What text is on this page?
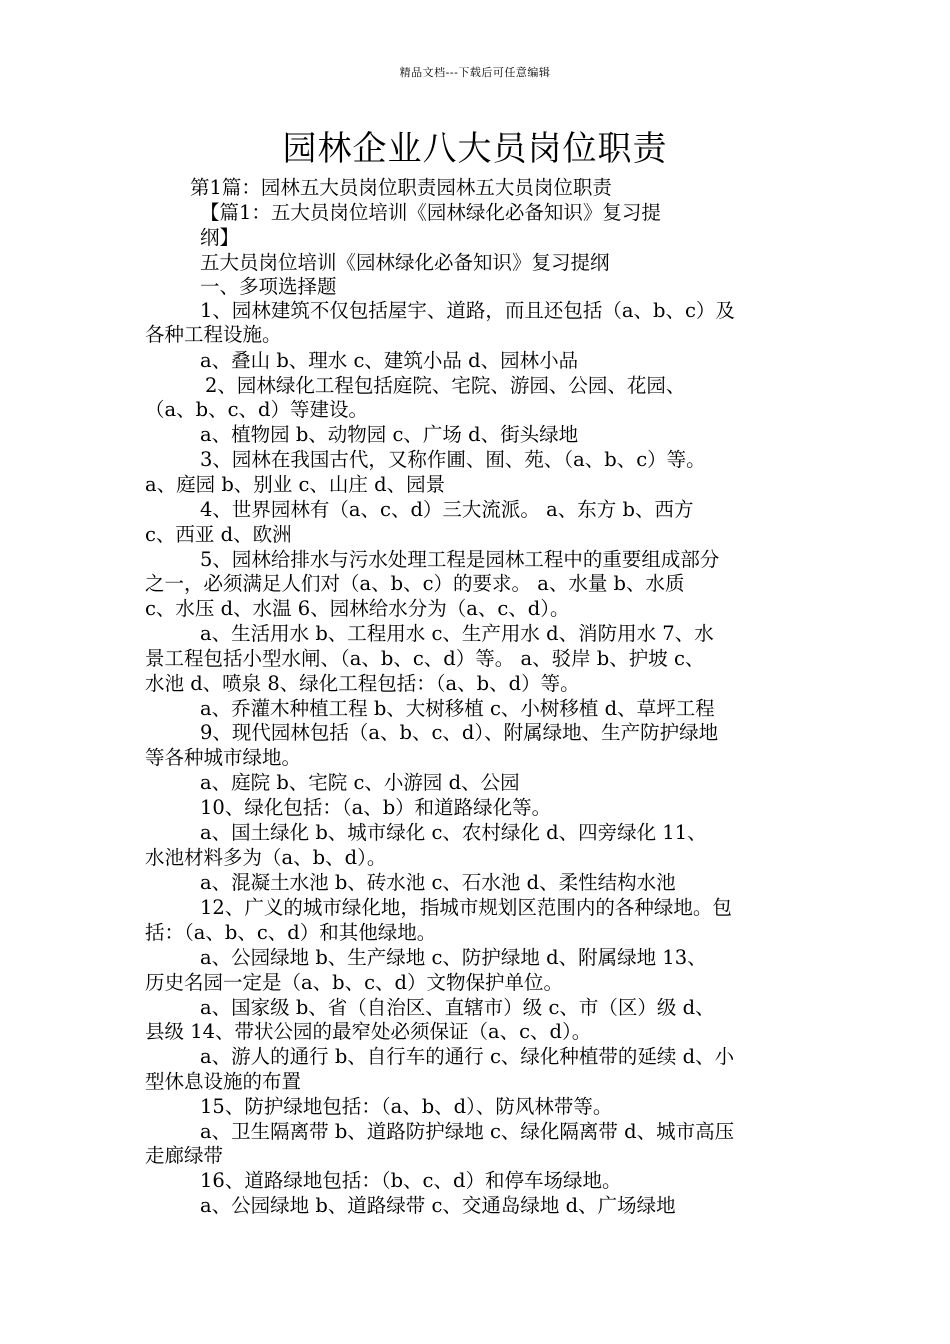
精品文档---下载后可任意编辑
园林企业八大员岗位职责
第1篇：园林五大员岗位职责园林五大员岗位职责
【篇1：五大员岗位培训《园林绿化必备知识》复习提
纲】
五大员岗位培训《园林绿化必备知识》复习提纲
一、多项选择题
1、园林建筑不仅包括屋宇、道路，而且还包括（a、b、c）及
各种工程设施。
a、叠山 b、理水 c、建筑小品 d、园林小品
2、园林绿化工程包括庭院、宅院、游园、公园、花园、
（a、b、c、d）等建设。
a、植物园 b、动物园 c、广场 d、街头绿地
3、园林在我国古代，又称作圃、囿、苑、（a、b、c）等。
a、庭园 b、别业 c、山庄 d、园景
4、世界园林有（a、c、d）三大流派。 a、东方 b、西方
c、西亚 d、欧洲
5、园林给排水与污水处理工程是园林工程中的重要组成部分
之一，必须满足人们对（a、b、c）的要求。 a、水量 b、水质
c、水压 d、水温 6、园林给水分为（a、c、d）。
a、生活用水 b、工程用水 c、生产用水 d、消防用水 7、水
景工程包括小型水闸、（a、b、c、d）等。 a、驳岸 b、护坡 c、
水池 d、喷泉 8、绿化工程包括：（a、b、d）等。
a、乔灌木种植工程 b、大树移植 c、小树移植 d、草坪工程
9、现代园林包括（a、b、c、d）、附属绿地、生产防护绿地
等各种城市绿地。
a、庭院 b、宅院 c、小游园 d、公园
10、绿化包括：（a、b）和道路绿化等。
a、国土绿化 b、城市绿化 c、农村绿化 d、四旁绿化 11、
水池材料多为（a、b、d）。
a、混凝土水池 b、砖水池 c、石水池 d、柔性结构水池
12、广义的城市绿化地，指城市规划区范围内的各种绿地。包
括：（a、b、c、d）和其他绿地。
a、公园绿地 b、生产绿地 c、防护绿地 d、附属绿地 13、
历史名园一定是（a、b、c、d）文物保护单位。
a、国家级 b、省（自治区、直辖市）级 c、市（区）级 d、
县级 14、带状公园的最窄处必须保证（a、c、d）。
a、游人的通行 b、自行车的通行 c、绿化种植带的延续 d、小
型休息设施的布置
15、防护绿地包括：（a、b、d）、防风林带等。
a、卫生隔离带 b、道路防护绿地 c、绿化隔离带 d、城市高压
走廊绿带
16、道路绿地包括：（b、c、d）和停车场绿地。
a、公园绿地 b、道路绿带 c、交通岛绿地 d、广场绿地
